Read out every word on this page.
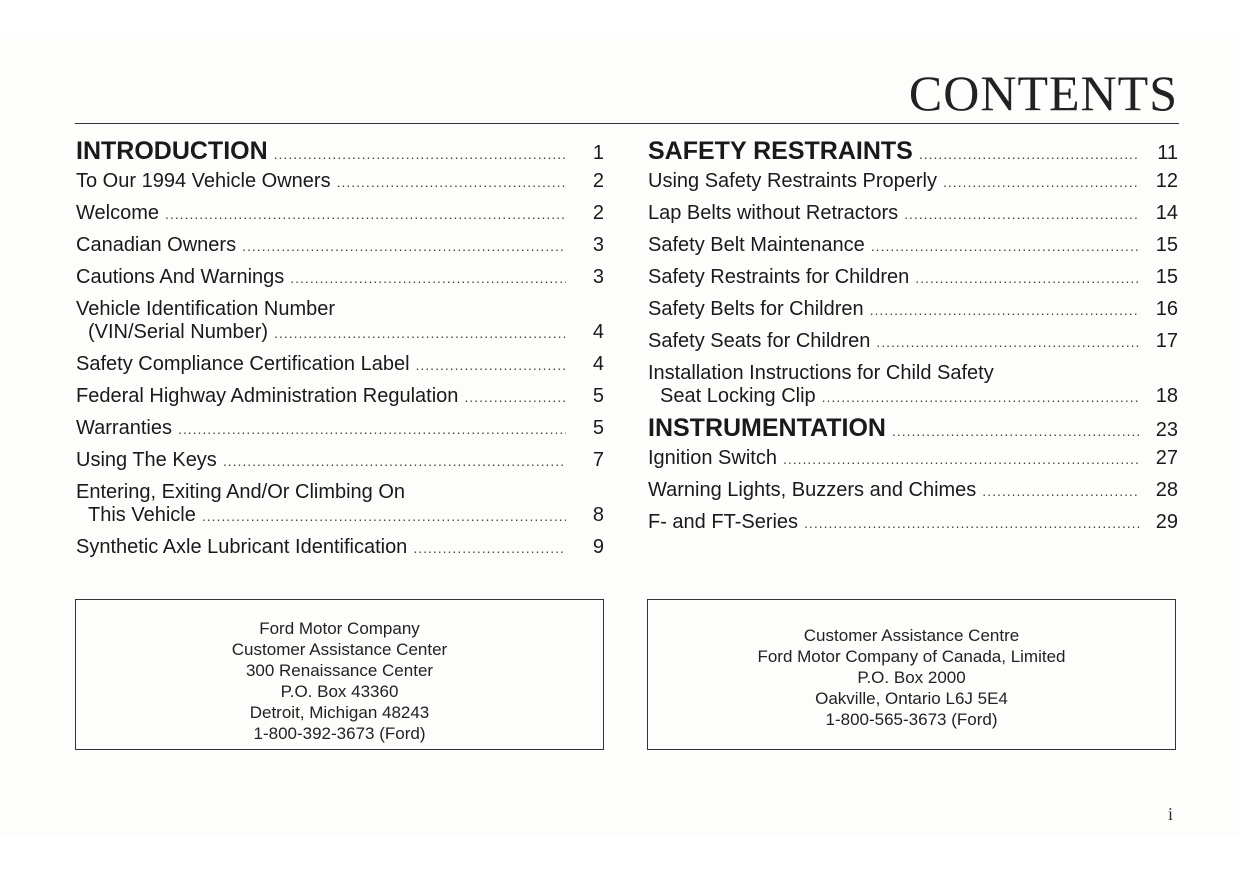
CONTENTS
INTRODUCTION .....	1
To Our 1994 Vehicle Owners .....	2
Welcome .....	2
Canadian Owners .....	3
Cautions And Warnings .....	3
Vehicle Identification Number
(VIN/Serial Number) .....	4
Safety Compliance Certification Label .....	4
Federal Highway Administration Regulation .....	5
Warranties .....	5
Using The Keys .....	7
Entering, Exiting And/Or Climbing On
This Vehicle .....	8
Synthetic Axle Lubricant Identification .....	9
SAFETY RESTRAINTS .....	11
Using Safety Restraints Properly .....	12
Lap Belts without Retractors .....	14
Safety Belt Maintenance .....	15
Safety Restraints for Children .....	15
Safety Belts for Children .....	16
Safety Seats for Children .....	17
Installation Instructions for Child Safety
Seat Locking Clip .....	18
INSTRUMENTATION .....	23
Ignition Switch .....	27
Warning Lights, Buzzers and Chimes .....	28
F- and FT-Series .....	29
Ford Motor Company
Customer Assistance Center
300 Renaissance Center
P.O. Box 43360
Detroit, Michigan 48243
1-800-392-3673 (Ford)
Customer Assistance Centre
Ford Motor Company of Canada, Limited
P.O. Box 2000
Oakville, Ontario L6J 5E4
1-800-565-3673 (Ford)
i
